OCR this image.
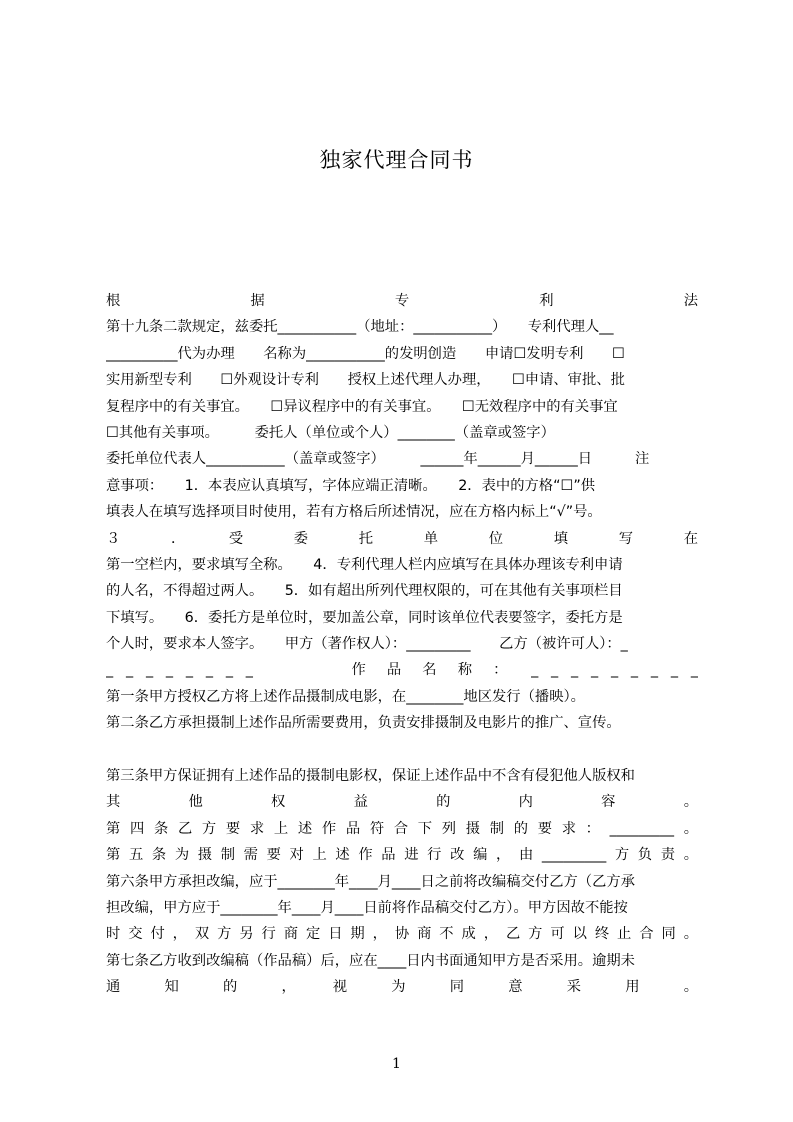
独家代理合同书
根　　　　　据　　　　　专　　　　　利　　　　　法
第十九条二款规定，兹委托___________（地址：___________）　　专利代理人__
__________代为办理　　名称为___________的发明创造　　申请☐发明专利　　☐
实用新型专利　　☐外观设计专利　　授权上述代理人办理，　　☐申请、审批、批
复程序中的有关事宜。　　☐异议程序中的有关事宜。　　☐无效程序中的有关事宜
☐其他有关事项。　　　委托人（单位或个人）________（盖章或签字）
委托单位代表人___________（盖章或签字）　　　______年______月______日　　　注
意事项：　　1．本表应认真填写，字体应端正清晰。　　2．表中的方格“☐”供
填表人在填写选择项目时使用，若有方格后所述情况，应在方格内标上“√”号。
３　　．　　受　　委　　托　　单　　位　　填　　写　　在
第一空栏内，要求填写全称。　　4．专利代理人栏内应填写在具体办理该专利申请
的人名，不得超过两人。　　5．如有超出所列代理权限的，可在其他有关事项栏目
下填写。　　6．委托方是单位时，要加盖公章，同时该单位代表要签字，委托方是
个人时，要求本人签字。　　甲方（著作权人）：_________　　乙方（被许可人）：_
_ _ _ _ _ _ _ _　　　　作 品 名 称 ：　_ _ _ _ _ _ _ _ _
第一条甲方授权乙方将上述作品摄制成电影，在________地区发行（播映）。
第二条乙方承担摄制上述作品所需要费用，负责安排摄制及电影片的推广、宣传。
第三条甲方保证拥有上述作品的摄制电影权，保证上述作品中不含有侵犯他人版权和
其　　他　　权　　益　　的　　内　　容　　。
第四条乙方要求上述作品符合下列摄制的要求：_________。
第五条为摄制需要对上述作品进行改编，由_________方负责。
第六条甲方承担改编，应于________年____月____日之前将改编稿交付乙方（乙方承
担改编，甲方应于________年____月____日前将作品稿交付乙方）。甲方因故不能按
时交付，双方另行商定日期，协商不成，乙方可以终止合同。
第七条乙方收到改编稿（作品稿）后，应在____日内书面通知甲方是否采用。逾期未
通　　知　　的　　，　　视　　为　　同　　意　　采　　用　　。
1
